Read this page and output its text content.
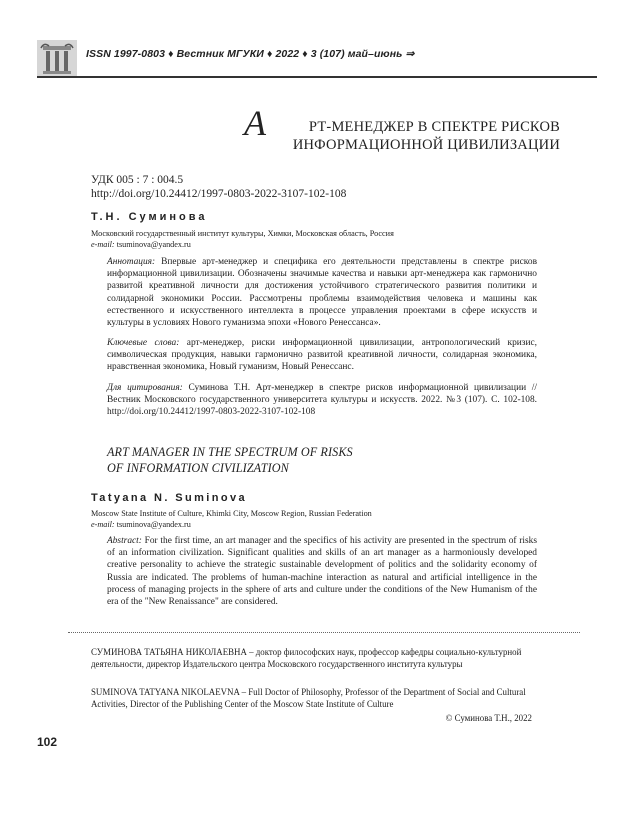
ISSN 1997-0803 ♦ Вестник МГУКИ ♦ 2022 ♦ 3 (107) май–июнь ⇒
А	РТ-МЕНЕДЖЕР В СПЕКТРЕ РИСКОВ
ИНФОРМАЦИОННОЙ ЦИВИЛИЗАЦИИ
УДК 005 : 7 : 004.5
http://doi.org/10.24412/1997-0803-2022-3107-102-108
Т.Н. Суминова
Московский государственный институт культуры, Химки, Московская область, Россия
e-mail: tsuminova@yandex.ru
Аннотация: Впервые арт-менеджер и специфика его деятельности представлены в спектре рисков информационной цивилизации. Обозначены значимые качества и навыки арт-менеджера как гармонично развитой креативной личности для достижения устойчивого стратегического развития политики и солидарной экономики России. Рассмотрены проблемы взаимодействия человека и машины как естественного и искусственного интеллекта в процессе управления проектами в сфере искусств и культуры в условиях Нового гуманизма эпохи «Нового Ренессанса».
Ключевые слова: арт-менеджер, риски информационной цивилизации, антропологический кризис, символическая продукция, навыки гармонично развитой креативной личности, солидарная экономика, нравственная экономика, Новый гуманизм, Новый Ренессанс.
Для цитирования: Суминова Т.Н. Арт-менеджер в спектре рисков информационной цивилизации // Вестник Московского государственного университета культуры и искусств. 2022. №3 (107). С. 102-108. http://doi.org/10.24412/1997-0803-2022-3107-102-108
ART MANAGER IN THE SPECTRUM OF RISKS
OF INFORMATION CIVILIZATION
Tatyana N. Suminova
Moscow State Institute of Culture, Khimki City, Moscow Region, Russian Federation
e-mail: tsuminova@yandex.ru
Abstract: For the first time, an art manager and the specifics of his activity are presented in the spectrum of risks of an information civilization. Significant qualities and skills of an art manager as a harmoniously developed creative personality to achieve the strategic sustainable development of politics and the solidarity economy of Russia are indicated. The problems of human-machine interaction as natural and artificial intelligence in the process of managing projects in the sphere of arts and culture under the conditions of the New Humanism of the era of the "New Renaissance" are considered.
СУМИНОВА ТАТЬЯНА НИКОЛАЕВНА – доктор философских наук, профессор кафедры социально-культурной деятельности, директор Издательского центра Московского государственного института культуры
SUMINOVA TATYANA NIKOLAEVNA – Full Doctor of Philosophy, Professor of the Department of Social and Cultural Activities, Director of the Publishing Center of the Moscow State Institute of Culture
© Суминова Т.Н., 2022
102
